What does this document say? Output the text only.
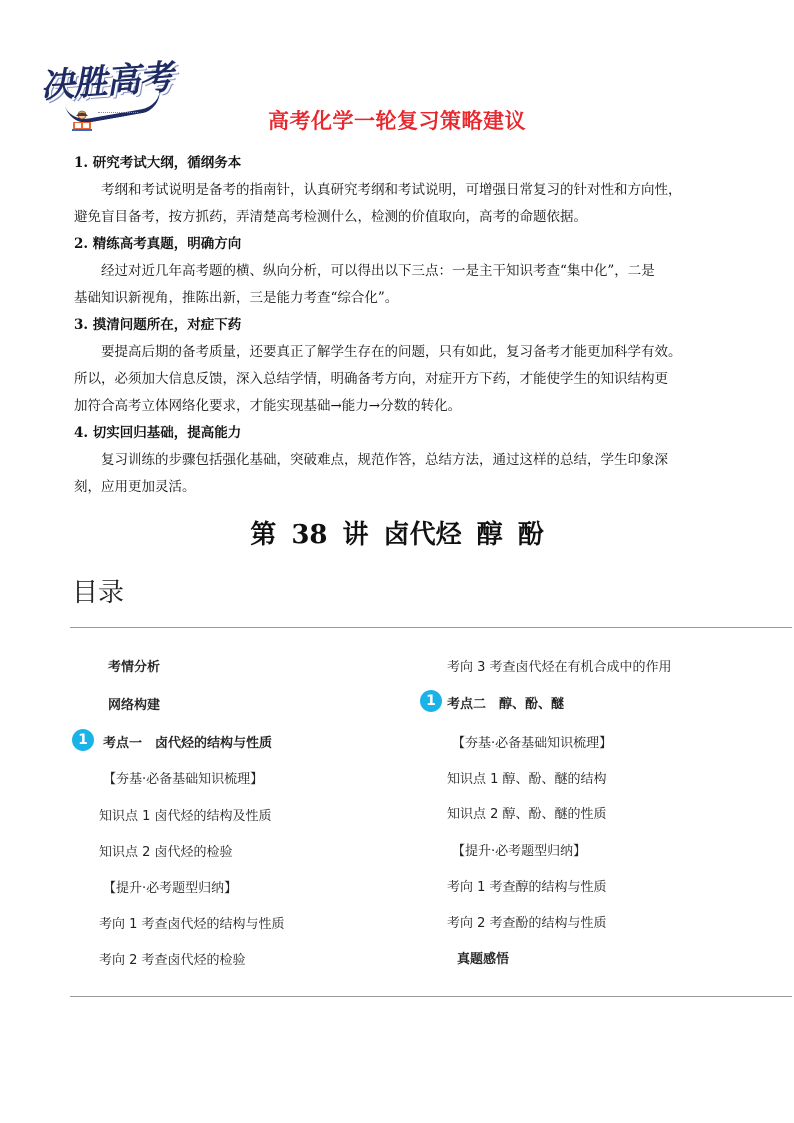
决胜高考
高考化学一轮复习策略建议
1. 研究考试大纲，循纲务本
考纲和考试说明是备考的指南针，认真研究考纲和考试说明，可增强日常复习的针对性和方向性，
避免盲目备考，按方抓药，弄清楚高考检测什么，检测的价值取向，高考的命题依据。
2. 精练高考真题，明确方向
经过对近几年高考题的横、纵向分析，可以得出以下三点：一是主干知识考查“集中化”，二是
基础知识新视角，推陈出新，三是能力考查“综合化”。
3. 摸清问题所在，对症下药
要提高后期的备考质量，还要真正了解学生存在的问题，只有如此，复习备考才能更加科学有效。
所以，必须加大信息反馈，深入总结学情，明确备考方向，对症开方下药，才能使学生的知识结构更
加符合高考立体网络化要求，才能实现基础→能力→分数的转化。
4. 切实回归基础，提高能力
复习训练的步骤包括强化基础，突破难点，规范作答，总结方法，通过这样的总结，学生印象深
刻，应用更加灵活。
第 38 讲 卤代烃 醇 酚
目录
考情分析
网络构建
1	考点一　卤代烃的结构与性质
【夯基·必备基础知识梳理】
知识点 1 卤代烃的结构及性质
知识点 2 卤代烃的检验
【提升·必考题型归纳】
考向 1 考查卤代烃的结构与性质
考向 2 考查卤代烃的检验
考向 3 考查卤代烃在有机合成中的作用
1 考点二　醇、酚、醚
【夯基·必备基础知识梳理】
知识点 1 醇、酚、醚的结构
知识点 2 醇、酚、醚的性质
【提升·必考题型归纳】
考向 1 考查醇的结构与性质
考向 2 考查酚的结构与性质
真题感悟
